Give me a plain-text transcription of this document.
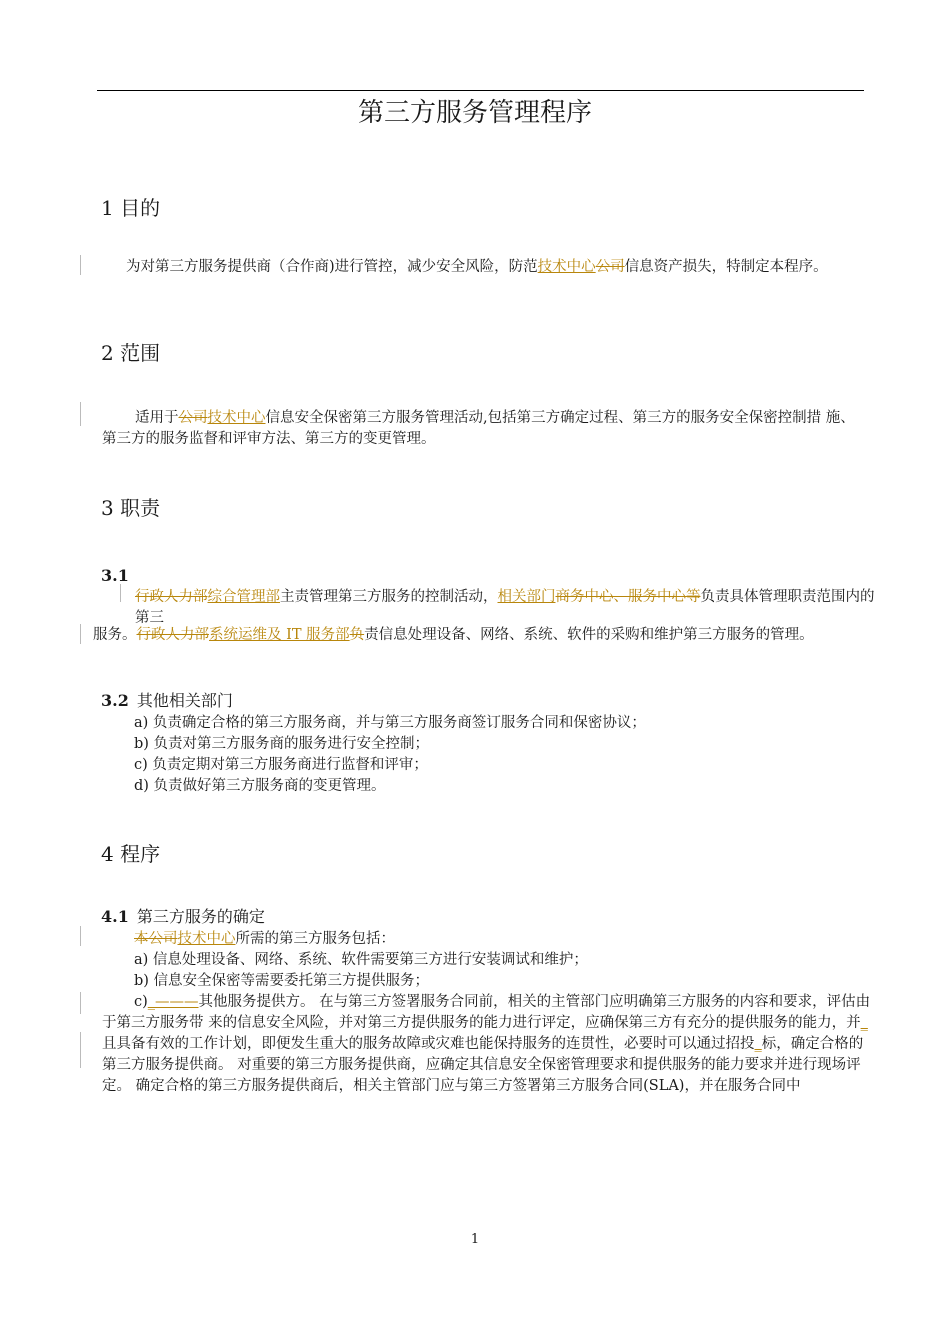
第三方服务管理程序
1 目的
为对第三方服务提供商（合作商)进行管控，减少安全风险，防范技术中心公司信息资产损失，特制定本程序。
2 范围
适用于公司技术中心信息安全保密第三方服务管理活动,包括第三方确定过程、第三方的服务安全保密控制措 施、第三方的服务监督和评审方法、第三方的变更管理。
3 职责
3.1
行政人力部综合管理部主责管理第三方服务的控制活动，相关部门商务中心、服务中心等负责具体管理职责范围内的第三
服务。行政人力部系统运维及 IT 服务部负责信息处理设备、网络、系统、软件的采购和维护第三方服务的管理。
3.2 其他相关部门
a) 负责确定合格的第三方服务商，并与第三方服务商签订服务合同和保密协议；
b) 负责对第三方服务商的服务进行安全控制；
c) 负责定期对第三方服务商进行监督和评审；
d) 负责做好第三方服务商的变更管理。
4 程序
4.1 第三方服务的确定
本公司技术中心所需的第三方服务包括：
a) 信息处理设备、网络、系统、软件需要第三方进行安装调试和维护；
b) 信息安全保密等需要委托第三方提供服务；
c)_———其他服务提供方。 在与第三方签署服务合同前，相关的主管部门应明确第三方服务的内容和要求，评估由于第三方服务带 来的信息安全风险，并对第三方提供服务的能力进行评定，应确保第三方有充分的提供服务的能力，并_且具备有效的工作计划，即便发生重大的服务故障或灾难也能保持服务的连贯性，必要时可以通过招投_标，确定合格的第三方服务提供商。 对重要的第三方服务提供商，应确定其信息安全保密管理要求和提供服务的能力要求并进行现场评定。 确定合格的第三方服务提供商后，相关主管部门应与第三方签署第三方服务合同(SLA)，并在服务合同中
1
